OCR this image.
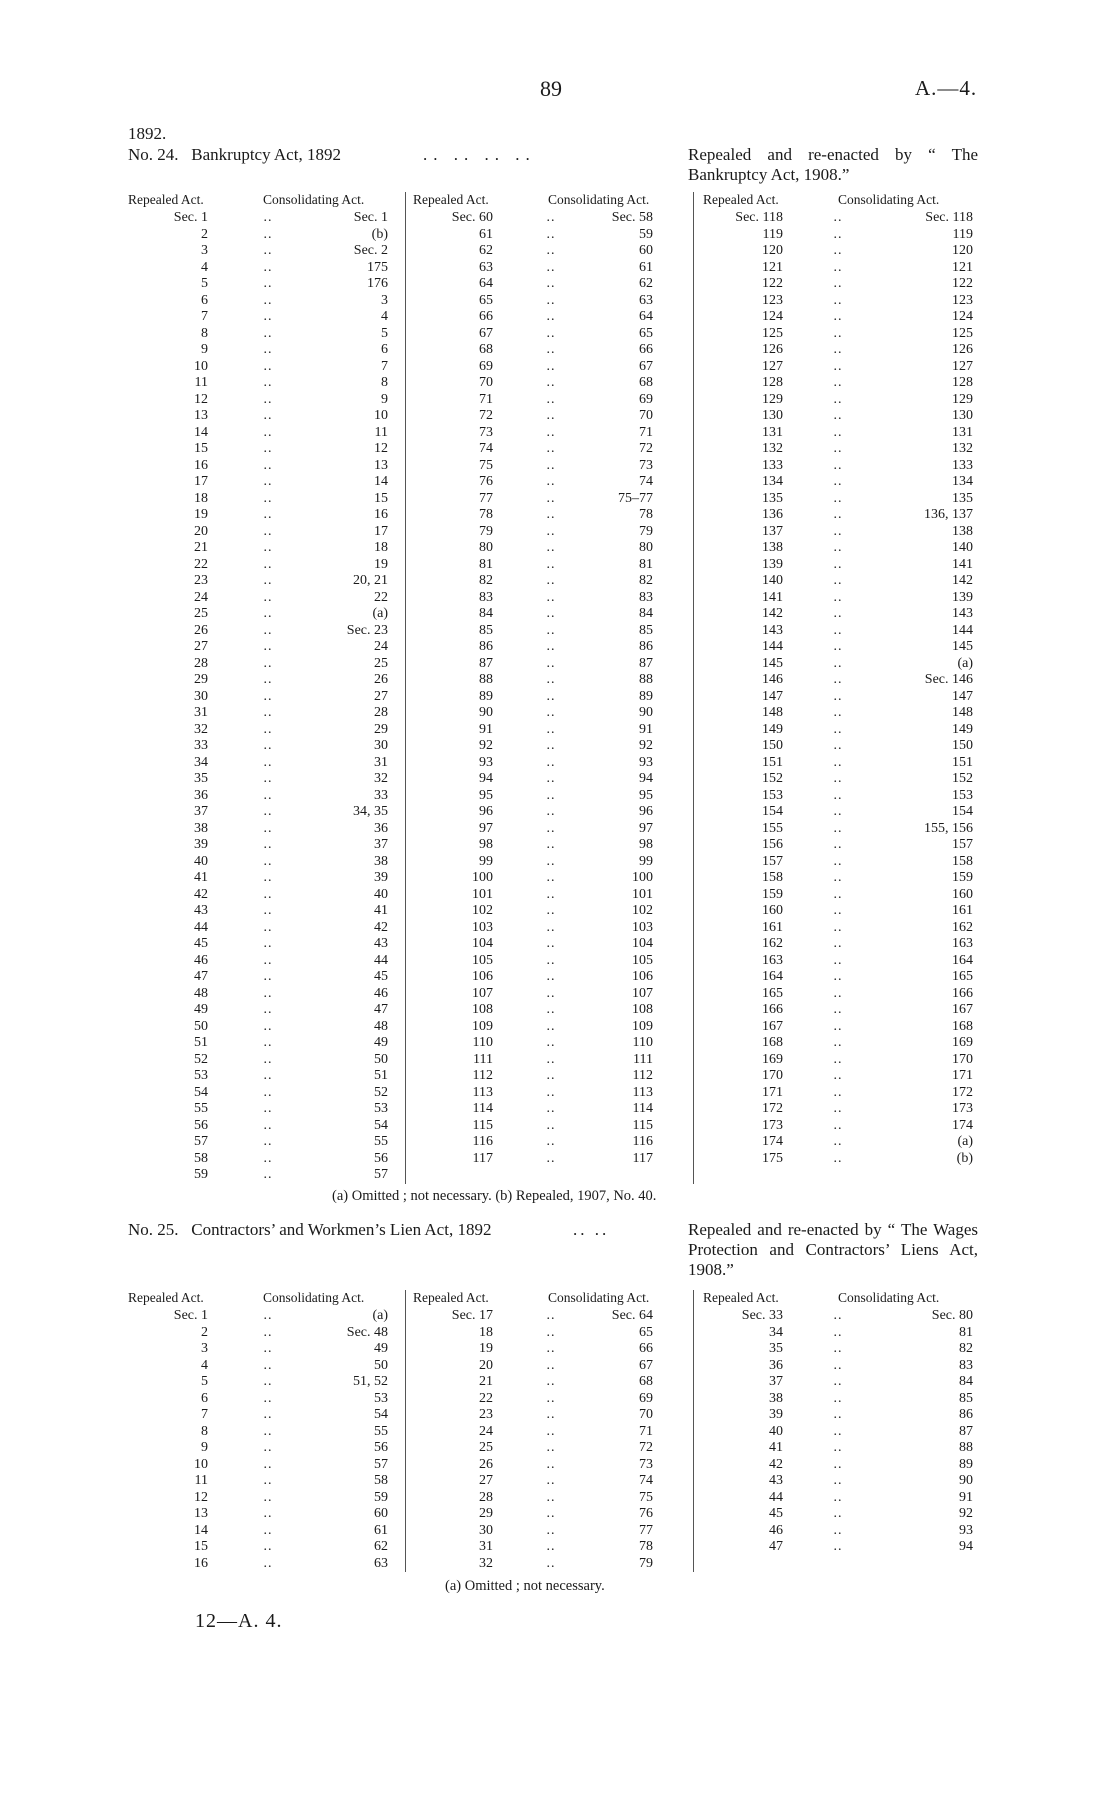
89	A.—4.
1892.
No. 24. Bankruptcy Act, 1892	.. .. .. ..	Repealed and re-enacted by “ The Bankruptcy Act, 1908.”
Repealed Act.	Consolidating Act.	Repealed Act.	Consolidating Act.	Repealed Act.	Consolidating Act.
Sec. 1	..	Sec. 1	Sec. 60	..	Sec. 58	Sec. 118	..	Sec. 118
2	..	(b)	61	..	59	119	..	119
3	..	Sec. 2	62	..	60	120	..	120
4	..	175	63	..	61	121	..	121
5	..	176	64	..	62	122	..	122
6	..	3	65	..	63	123	..	123
7	..	4	66	..	64	124	..	124
8	..	5	67	..	65	125	..	125
9	..	6	68	..	66	126	..	126
10	..	7	69	..	67	127	..	127
11	..	8	70	..	68	128	..	128
12	..	9	71	..	69	129	..	129
13	..	10	72	..	70	130	..	130
14	..	11	73	..	71	131	..	131
15	..	12	74	..	72	132	..	132
16	..	13	75	..	73	133	..	133
17	..	14	76	..	74	134	..	134
18	..	15	77	..	75–77	135	..	135
19	..	16	78	..	78	136	..	136, 137
20	..	17	79	..	79	137	..	138
21	..	18	80	..	80	138	..	140
22	..	19	81	..	81	139	..	141
23	..	20, 21	82	..	82	140	..	142
24	..	22	83	..	83	141	..	139
25	..	(a)	84	..	84	142	..	143
26	..	Sec. 23	85	..	85	143	..	144
27	..	24	86	..	86	144	..	145
28	..	25	87	..	87	145	..	(a)
29	..	26	88	..	88	146	..	Sec. 146
30	..	27	89	..	89	147	..	147
31	..	28	90	..	90	148	..	148
32	..	29	91	..	91	149	..	149
33	..	30	92	..	92	150	..	150
34	..	31	93	..	93	151	..	151
35	..	32	94	..	94	152	..	152
36	..	33	95	..	95	153	..	153
37	..	34, 35	96	..	96	154	..	154
38	..	36	97	..	97	155	..	155, 156
39	..	37	98	..	98	156	..	157
40	..	38	99	..	99	157	..	158
41	..	39	100	..	100	158	..	159
42	..	40	101	..	101	159	..	160
43	..	41	102	..	102	160	..	161
44	..	42	103	..	103	161	..	162
45	..	43	104	..	104	162	..	163
46	..	44	105	..	105	163	..	164
47	..	45	106	..	106	164	..	165
48	..	46	107	..	107	165	..	166
49	..	47	108	..	108	166	..	167
50	..	48	109	..	109	167	..	168
51	..	49	110	..	110	168	..	169
52	..	50	111	..	111	169	..	170
53	..	51	112	..	112	170	..	171
54	..	52	113	..	113	171	..	172
55	..	53	114	..	114	172	..	173
56	..	54	115	..	115	173	..	174
57	..	55	116	..	116	174	..	(a)
58	..	56	117	..	117	175	..	(b)
59	..	57
(a) Omitted ; not necessary. (b) Repealed, 1907, No. 40.
No. 25. Contractors’ and Workmen’s Lien Act, 1892	.. ..	Repealed and re-enacted by “ The Wages Protection and Contractors’ Liens Act, 1908.”
Repealed Act.	Consolidating Act.	Repealed Act.	Consolidating Act.	Repealed Act.	Consolidating Act.
Sec. 1	..	(a)	Sec. 17	..	Sec. 64	Sec. 33	..	Sec. 80
2	..	Sec. 48	18	..	65	34	..	81
3	..	49	19	..	66	35	..	82
4	..	50	20	..	67	36	..	83
5	..	51, 52	21	..	68	37	..	84
6	..	53	22	..	69	38	..	85
7	..	54	23	..	70	39	..	86
8	..	55	24	..	71	40	..	87
9	..	56	25	..	72	41	..	88
10	..	57	26	..	73	42	..	89
11	..	58	27	..	74	43	..	90
12	..	59	28	..	75	44	..	91
13	..	60	29	..	76	45	..	92
14	..	61	30	..	77	46	..	93
15	..	62	31	..	78	47	..	94
16	..	63	32	..	79
(a) Omitted ; not necessary.
12—A. 4.
